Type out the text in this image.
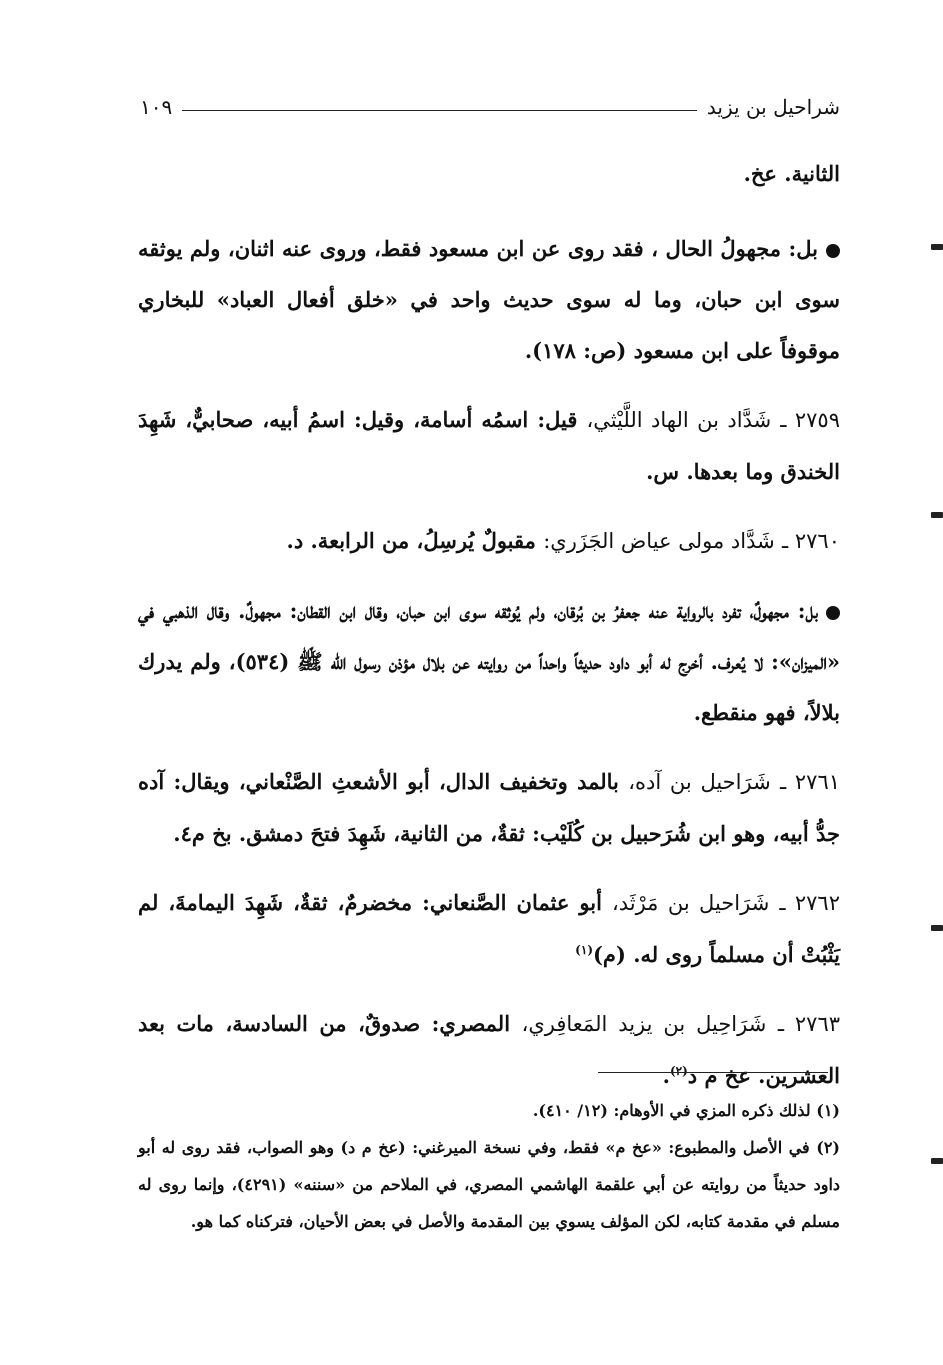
شراحيل بن يزيد
١٠٩

الثانية. عخ.

بل: مجهولُ الحال ، فقد روى عن ابن مسعود فقط، وروى عنه اثنان، ولم يوثقه سوى ابن حبان، وما له سوى حديث واحد في «خلق أفعال العباد» للبخاري موقوفاً على ابن مسعود (ص: ١٧٨).

٢٧٥٩ ـ شَدَّاد بن الهاد اللَّيْثي، قيل: اسمُه أسامة، وقيل: اسمُ أبيه، صحابيٌّ، شَهِدَ الخندق وما بعدها. س.

٢٧٦٠ ـ شَدَّاد مولى عياض الجَزَري: مقبولٌ يُرسِلُ، من الرابعة. د.

بل: مجهولٌ، تفرد بالرواية عنه جعفرُ بن بُرقان، ولم يُوثقه سوى ابن حبان، وقال ابن القطان: مجهولٌ. وقال الذهبي في «الميزان»: لا يُعرف. أخرج له أبو داود حديثاً واحداً من روايته عن بلال مؤذن رسول الله ﷺ (٥٣٤)، ولم يدرك بلالاً، فهو منقطع.

٢٧٦١ ـ شَرَاحيل بن آده، بالمد وتخفيف الدال، أبو الأشعثِ الصَّنْعاني، ويقال: آده جدُّ أبيه، وهو ابن شُرَحبيل بن كُلَيْب: ثقةٌ، من الثانية، شَهِدَ فتحَ دمشق. بخ م٤.

٢٧٦٢ ـ شَرَاحيل بن مَرْثَد، أبو عثمان الصَّنعاني: مخضرمٌ، ثقةٌ، شَهِدَ اليمامةَ، لم يَثْبُتْ أن مسلماً روى له. (م)$^{(١)}$

٢٧٦٣ ـ شَرَاحِيل بن يزيد المَعافِري، المصري: صدوقٌ، من السادسة، مات بعد العشرين. عخ م د$^{(٢)}$.

(١) لذلك ذكره المزي في الأوهام: (١٢/ ٤١٠).

(٢) في الأصل والمطبوع: «عخ م» فقط، وفي نسخة الميرغني: (عخ م د) وهو الصواب، فقد روى له أبو داود حديثاً من روايته عن أبي علقمة الهاشمي المصري، في الملاحم من «سننه» (٤٢٩١)، وإنما روى له مسلم في مقدمة كتابه، لكن المؤلف يسوي بين المقدمة والأصل في بعض الأحيان، فتركناه كما هو.
